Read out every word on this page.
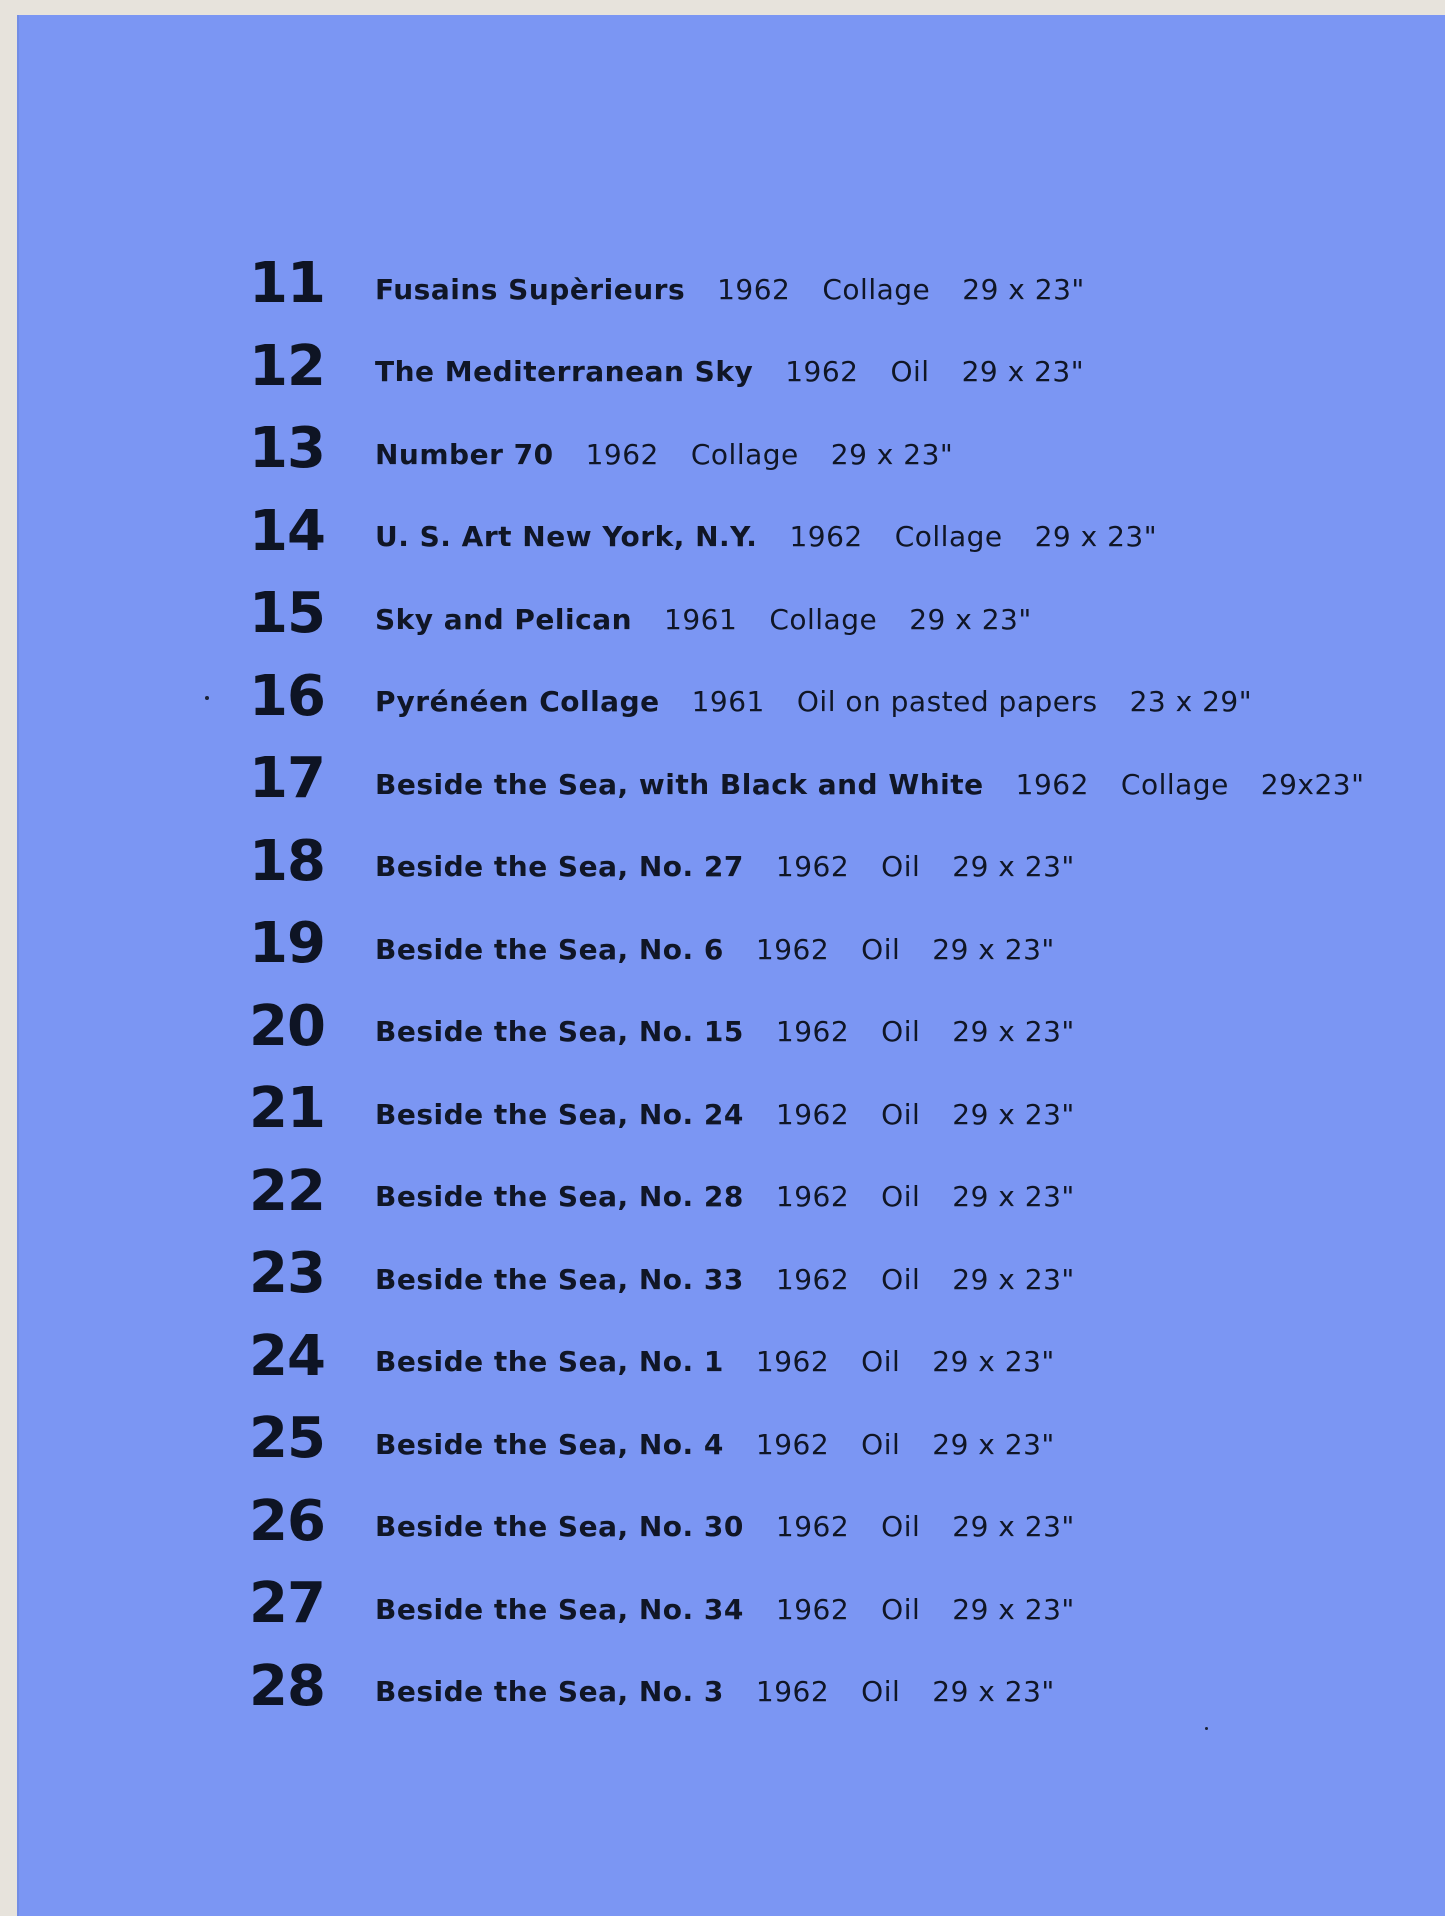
11	Fusains Supèrieurs 1962 Collage 29 x 23"
12	The Mediterranean Sky 1962 Oil 29 x 23"
13	Number 70 1962 Collage 29 x 23"
14	U. S. Art New York, N.Y. 1962 Collage 29 x 23"
15	Sky and Pelican 1961 Collage 29 x 23"
16	Pyrénéen Collage 1961 Oil on pasted papers 23 x 29"
17	Beside the Sea, with Black and White 1962 Collage 29x23"
18	Beside the Sea, No. 27 1962 Oil 29 x 23"
19	Beside the Sea, No. 6 1962 Oil 29 x 23"
20	Beside the Sea, No. 15 1962 Oil 29 x 23"
21	Beside the Sea, No. 24 1962 Oil 29 x 23"
22	Beside the Sea, No. 28 1962 Oil 29 x 23"
23	Beside the Sea, No. 33 1962 Oil 29 x 23"
24	Beside the Sea, No. 1 1962 Oil 29 x 23"
25	Beside the Sea, No. 4 1962 Oil 29 x 23"
26	Beside the Sea, No. 30 1962 Oil 29 x 23"
27	Beside the Sea, No. 34 1962 Oil 29 x 23"
28	Beside the Sea, No. 3 1962 Oil 29 x 23"
